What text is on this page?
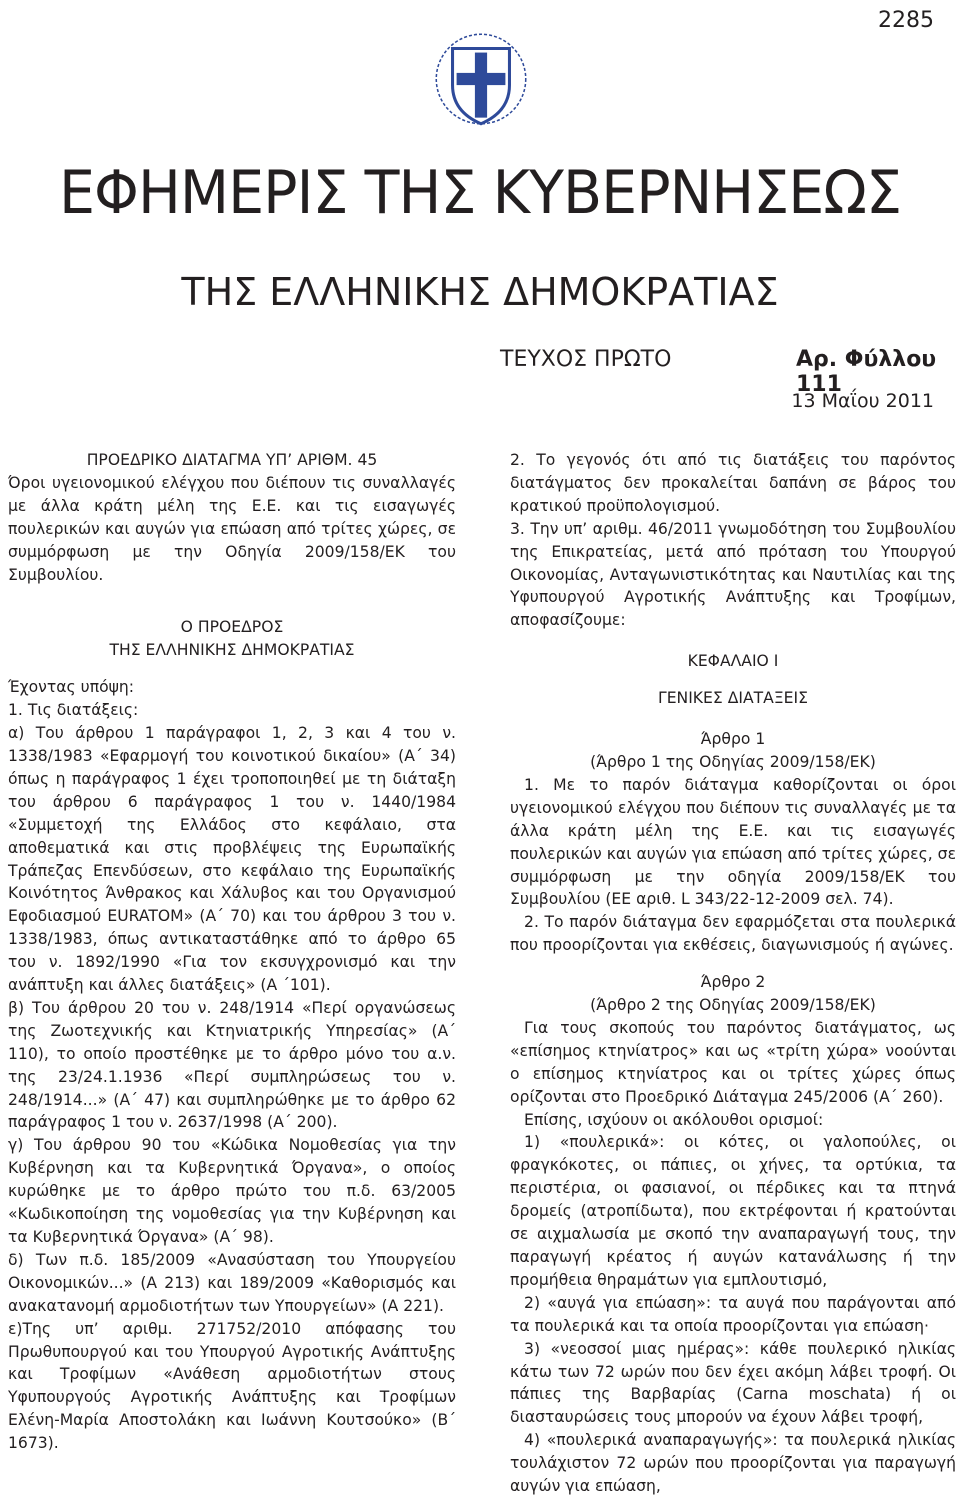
2285
ΕΦΗΜΕΡΙΣ ΤΗΣ ΚΥΒΕΡΝΗΣΕΩΣ
ΤΗΣ ΕΛΛΗΝΙΚΗΣ ΔΗΜΟΚΡΑΤΙΑΣ
ΤΕΥΧΟΣ ΠΡΩΤΟ	Αρ. Φύλλου 111
13 Μαΐου 2011

ΠΡΟΕΔΡΙΚΟ ΔΙΑΤΑΓΜΑ ΥΠ’ ΑΡΙΘΜ. 45

Όροι υγειονομικού ελέγχου που διέπουν τις συναλλαγές με άλλα κράτη μέλη της Ε.Ε. και τις εισαγωγές πουλερικών και αυγών για επώαση από τρίτες χώρες, σε συμμόρφωση με την Οδηγία 2009/158/ΕΚ του Συμβουλίου.

Ο ΠΡΟΕΔΡΟΣ

ΤΗΣ ΕΛΛΗΝΙΚΗΣ ΔΗΜΟΚΡΑΤΙΑΣ

Έχοντας υπόψη:

1. Τις διατάξεις:

α) Του άρθρου 1 παράγραφοι 1, 2, 3 και 4 του ν. 1338/1983 «Εφαρμογή του κοινοτικού δικαίου» (Α΄ 34) όπως η παράγραφος 1 έχει τροποποιηθεί με τη διάταξη του άρθρου 6 παράγραφος 1 του ν. 1440/1984 «Συμμετοχή της Ελλάδος στο κεφάλαιο, στα αποθεματικά και στις προβλέψεις της Ευρωπαϊκής Τράπεζας Επενδύσεων, στο κεφάλαιο της Ευρωπαϊκής Κοινότητος Άνθρακος και Χάλυβος και του Οργανισμού Εφοδιασμού EURATOM» (Α΄ 70) και του άρθρου 3 του ν. 1338/1983, όπως αντικαταστάθηκε από το άρθρο 65 του ν. 1892/1990 «Για τον εκσυγχρονισμό και την ανάπτυξη και άλλες διατάξεις» (Α ΄101).

β) Του άρθρου 20 του ν. 248/1914 «Περί οργανώσεως της Ζωοτεχνικής και Κτηνιατρικής Υπηρεσίας» (Α΄ 110), το οποίο προστέθηκε με το άρθρο μόνο του α.ν. της 23/24.1.1936 «Περί συμπληρώσεως του ν. 248/1914...» (Α΄ 47) και συμπληρώθηκε με το άρθρο 62 παράγραφος 1 του ν. 2637/1998 (Α΄ 200).

γ) Του άρθρου 90 του «Κώδικα Νομοθεσίας για την Κυβέρνηση και τα Κυβερνητικά Όργανα», ο οποίος κυρώθηκε με το άρθρο πρώτο του π.δ. 63/2005 «Κωδικοποίηση της νομοθεσίας για την Κυβέρνηση και τα Κυβερνητικά Όργανα» (Α΄ 98).

δ) Των π.δ. 185/2009 «Ανασύσταση του Υπουργείου Οικονομικών...» (Α 213) και 189/2009 «Καθορισμός και ανακατανομή αρμοδιοτήτων των Υπουργείων» (Α 221).

ε)Της υπ’ αριθμ. 271752/2010 απόφασης του Πρωθυπουργού και του Υπουργού Αγροτικής Ανάπτυξης και Τροφίμων «Ανάθεση αρμοδιοτήτων στους Υφυπουργούς Αγροτικής Ανάπτυξης και Τροφίμων Ελένη-Μαρία Αποστολάκη και Ιωάννη Κουτσούκο» (Β΄ 1673).

2. Το γεγονός ότι από τις διατάξεις του παρόντος διατάγματος δεν προκαλείται δαπάνη σε βάρος του κρατικού προϋπολογισμού.

3. Την υπ’ αριθμ. 46/2011 γνωμοδότηση του Συμβουλίου της Επικρατείας, μετά από πρόταση του Υπουργού Οικονομίας, Ανταγωνιστικότητας και Ναυτιλίας και της Υφυπουργού Αγροτικής Ανάπτυξης και Τροφίμων, αποφασίζουμε:

ΚΕΦΑΛΑΙΟ Ι

ΓΕΝΙΚΕΣ ΔΙΑΤΑΞΕΙΣ

Άρθρο 1

(Άρθρο 1 της Οδηγίας 2009/158/ΕΚ)

1. Με το παρόν διάταγμα καθορίζονται οι όροι υγειονομικού ελέγχου που διέπουν τις συναλλαγές με τα άλλα κράτη μέλη της Ε.Ε. και τις εισαγωγές πουλερικών και αυγών για επώαση από τρίτες χώρες, σε συμμόρφωση με την οδηγία 2009/158/ΕΚ του Συμβουλίου (ΕΕ αριθ. L 343/22-12-2009 σελ. 74).

2. Το παρόν διάταγμα δεν εφαρμόζεται στα πουλερικά που προορίζονται για εκθέσεις, διαγωνισμούς ή αγώνες.

Άρθρο 2

(Άρθρο 2 της Οδηγίας 2009/158/ΕΚ)

Για τους σκοπούς του παρόντος διατάγματος, ως «επίσημος κτηνίατρος» και ως «τρίτη χώρα» νοούνται ο επίσημος κτηνίατρος και οι τρίτες χώρες όπως ορίζονται στο Προεδρικό Διάταγμα 245/2006 (Α΄ 260).

Επίσης, ισχύουν οι ακόλουθοι ορισμοί:

1) «πουλερικά»: οι κότες, οι γαλοπούλες, οι φραγκόκοτες, οι πάπιες, οι χήνες, τα ορτύκια, τα περιστέρια, οι φασιανοί, οι πέρδικες και τα πτηνά δρομείς (ατροπίδωτα), που εκτρέφονται ή κρατούνται σε αιχμαλωσία με σκοπό την αναπαραγωγή τους, την παραγωγή κρέατος ή αυγών κατανάλωσης ή την προμήθεια θηραμάτων για εμπλουτισμό,

2) «αυγά για επώαση»: τα αυγά που παράγονται από τα πουλερικά και τα οποία προορίζονται για επώαση·

3) «νεοσσοί μιας ημέρας»: κάθε πουλερικό ηλικίας κάτω των 72 ωρών που δεν έχει ακόμη λάβει τροφή. Οι πάπιες της Βαρβαρίας (Carna moschata) ή οι διασταυρώσεις τους μπορούν να έχουν λάβει τροφή,

4) «πουλερικά αναπαραγωγής»: τα πουλερικά ηλικίας τουλάχιστον 72 ωρών που προορίζονται για παραγωγή αυγών για επώαση,
